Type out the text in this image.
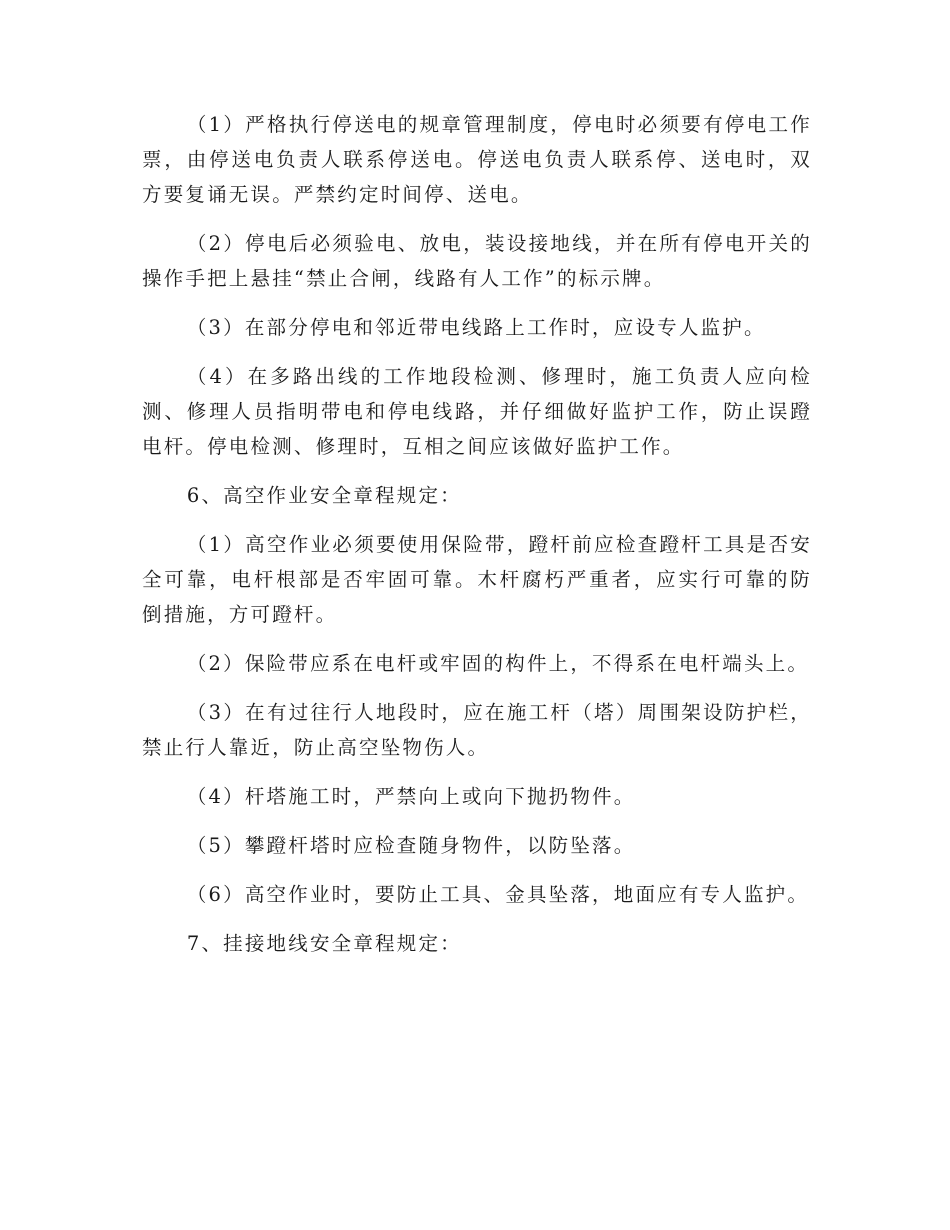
（1）严格执行停送电的规章管理制度，停电时必须要有停电工作票，由停送电负责人联系停送电。停送电负责人联系停、送电时，双方要复诵无误。严禁约定时间停、送电。

（2）停电后必须验电、放电，装设接地线，并在所有停电开关的操作手把上悬挂“禁止合闸，线路有人工作”的标示牌。

（3）在部分停电和邻近带电线路上工作时，应设专人监护。

（4）在多路出线的工作地段检测、修理时，施工负责人应向检测、修理人员指明带电和停电线路，并仔细做好监护工作，防止误蹬电杆。停电检测、修理时，互相之间应该做好监护工作。

6、高空作业安全章程规定：

（1）高空作业必须要使用保险带，蹬杆前应检查蹬杆工具是否安全可靠，电杆根部是否牢固可靠。木杆腐朽严重者，应实行可靠的防倒措施，方可蹬杆。

（2）保险带应系在电杆或牢固的构件上，不得系在电杆端头上。

（3）在有过往行人地段时，应在施工杆（塔）周围架设防护栏，禁止行人靠近，防止高空坠物伤人。

（4）杆塔施工时，严禁向上或向下抛扔物件。

（5）攀蹬杆塔时应检查随身物件，以防坠落。

（6）高空作业时，要防止工具、金具坠落，地面应有专人监护。

7、挂接地线安全章程规定：
